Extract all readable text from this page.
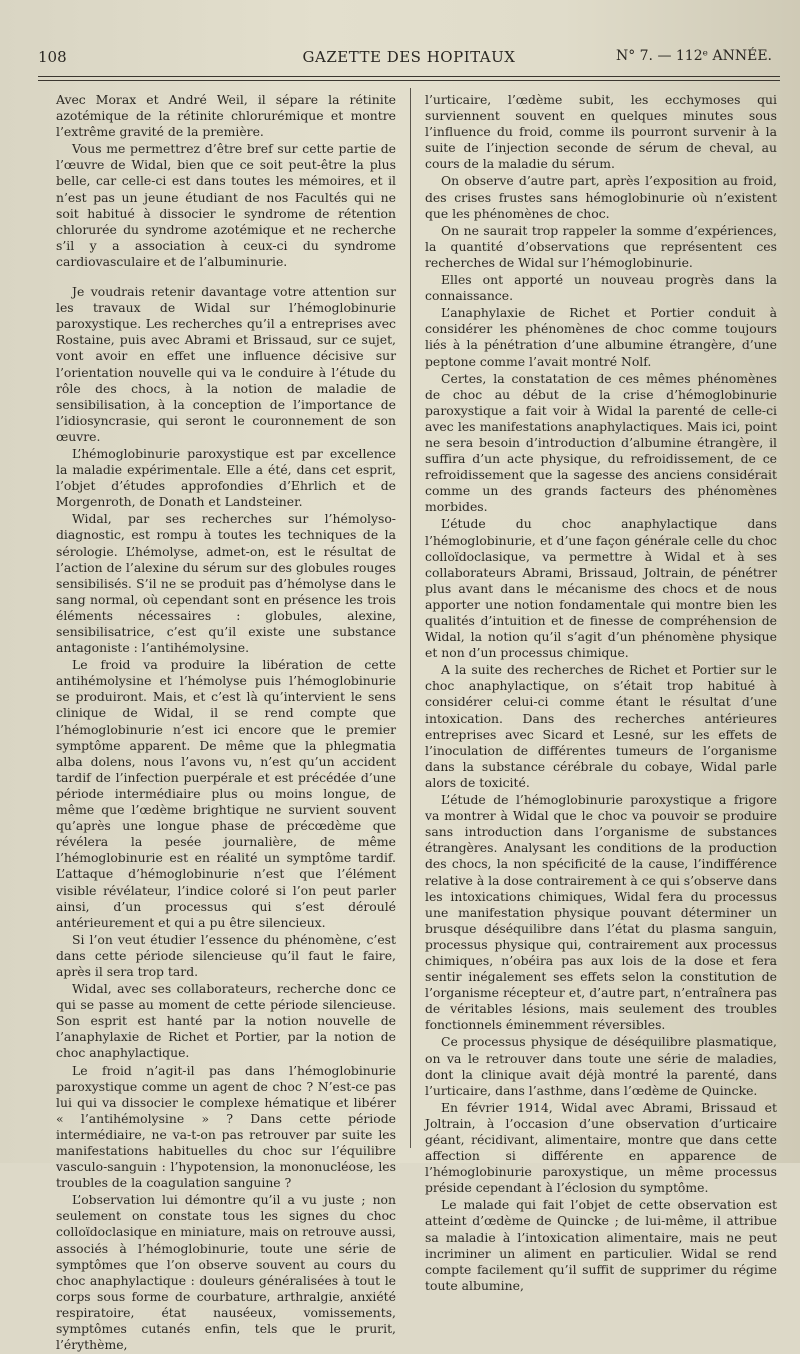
108	GAZETTE DES HOPITAUX	N° 7. — 112ᵉ ANNÉE.

Avec Morax et André Weil, il sépare la rétinite azotémique de la rétinite chlorurémique et montre l’extrême gravité de la première.

Vous me permettrez d’être bref sur cette partie de l’œuvre de Widal, bien que ce soit peut-être la plus belle, car celle-ci est dans toutes les mémoires, et il n’est pas un jeune étudiant de nos Facultés qui ne soit habitué à dissocier le syndrome de rétention chlorurée du syndrome azotémique et ne recherche s’il y a association à ceux-ci du syndrome cardiovasculaire et de l’albuminurie.

Je voudrais retenir davantage votre attention sur les travaux de Widal sur l’hémoglobinurie paroxystique. Les recherches qu’il a entreprises avec Rostaine, puis avec Abrami et Brissaud, sur ce sujet, vont avoir en effet une influence décisive sur l’orientation nouvelle qui va le conduire à l’étude du rôle des chocs, à la notion de maladie de sensibilisation, à la conception de l’importance de l’idiosyncrasie, qui seront le couronnement de son œuvre.

L’hémoglobinurie paroxystique est par excellence la maladie expérimentale. Elle a été, dans cet esprit, l’objet d’études approfondies d’Ehrlich et de Morgenroth, de Donath et Landsteiner.

Widal, par ses recherches sur l’hémolyso-diagnostic, est rompu à toutes les techniques de la sérologie. L’hémolyse, admet-on, est le résultat de l’action de l’alexine du sérum sur des globules rouges sensibilisés. S’il ne se produit pas d’hémolyse dans le sang normal, où cependant sont en présence les trois éléments nécessaires : globules, alexine, sensibilisatrice, c’est qu’il existe une substance antagoniste : l’antihémolysine.

Le froid va produire la libération de cette antihémolysine et l’hémolyse puis l’hémoglobinurie se produiront. Mais, et c’est là qu’intervient le sens clinique de Widal, il se rend compte que l’hémoglobinurie n’est ici encore que le premier symptôme apparent. De même que la phlegmatia alba dolens, nous l’avons vu, n’est qu’un accident tardif de l’infection puerpérale et est précédée d’une période intermédiaire plus ou moins longue, de même que l’œdème brightique ne survient souvent qu’après une longue phase de précœdème que révélera la pesée journalière, de même l’hémoglobinurie est en réalité un symptôme tardif. L’attaque d’hémoglobinurie n’est que l’élément visible révélateur, l’indice coloré si l’on peut parler ainsi, d’un processus qui s’est déroulé antérieurement et qui a pu être silencieux.

Si l’on veut étudier l’essence du phénomène, c’est dans cette période silencieuse qu’il faut le faire, après il sera trop tard.

Widal, avec ses collaborateurs, recherche donc ce qui se passe au moment de cette période silencieuse. Son esprit est hanté par la notion nouvelle de l’anaphylaxie de Richet et Portier, par la notion de choc anaphylactique.

Le froid n’agit-il pas dans l’hémoglobinurie paroxystique comme un agent de choc ? N’est-ce pas lui qui va dissocier le complexe hématique et libérer « l’antihémolysine » ? Dans cette période intermédiaire, ne va-t-on pas retrouver par suite les manifestations habituelles du choc sur l’équilibre vasculo-sanguin : l’hypotension, la mononucléose, les troubles de la coagulation sanguine ?

L’observation lui démontre qu’il a vu juste ; non seulement on constate tous les signes du choc colloïdoclasique en miniature, mais on retrouve aussi, associés à l’hémoglobinurie, toute une série de symptômes que l’on observe souvent au cours du choc anaphylactique : douleurs généralisées à tout le corps sous forme de courbature, arthralgie, anxiété respiratoire, état nauséeux, vomissements, symptômes cutanés enfin, tels que le prurit, l’érythème,

l’urticaire, l’œdème subit, les ecchymoses qui surviennent souvent en quelques minutes sous l’influence du froid, comme ils pourront survenir à la suite de l’injection seconde de sérum de cheval, au cours de la maladie du sérum.

On observe d’autre part, après l’exposition au froid, des crises frustes sans hémoglobinurie où n’existent que les phénomènes de choc.

On ne saurait trop rappeler la somme d’expériences, la quantité d’observations que représentent ces recherches de Widal sur l’hémoglobinurie.

Elles ont apporté un nouveau progrès dans la connaissance.

L’anaphylaxie de Richet et Portier conduit à considérer les phénomènes de choc comme toujours liés à la pénétration d’une albumine étrangère, d’une peptone comme l’avait montré Nolf.

Certes, la constatation de ces mêmes phénomènes de choc au début de la crise d’hémoglobinurie paroxystique a fait voir à Widal la parenté de celle-ci avec les manifestations anaphylactiques. Mais ici, point ne sera besoin d’introduction d’albumine étrangère, il suffira d’un acte physique, du refroidissement, de ce refroidissement que la sagesse des anciens considérait comme un des grands facteurs des phénomènes morbides.

L’étude du choc anaphylactique dans l’hémoglobinurie, et d’une façon générale celle du choc colloïdoclasique, va permettre à Widal et à ses collaborateurs Abrami, Brissaud, Joltrain, de pénétrer plus avant dans le mécanisme des chocs et de nous apporter une notion fondamentale qui montre bien les qualités d’intuition et de finesse de compréhension de Widal, la notion qu’il s’agit d’un phénomène physique et non d’un processus chimique.

A la suite des recherches de Richet et Portier sur le choc anaphylactique, on s’était trop habitué à considérer celui-ci comme étant le résultat d’une intoxication. Dans des recherches antérieures entreprises avec Sicard et Lesné, sur les effets de l’inoculation de différentes tumeurs de l’organisme dans la substance cérébrale du cobaye, Widal parle alors de toxicité.

L’étude de l’hémoglobinurie paroxystique a frigore va montrer à Widal que le choc va pouvoir se produire sans introduction dans l’organisme de substances étrangères. Analysant les conditions de la production des chocs, la non spécificité de la cause, l’indifférence relative à la dose contrairement à ce qui s’observe dans les intoxications chimiques, Widal fera du processus une manifestation physique pouvant déterminer un brusque déséquilibre dans l’état du plasma sanguin, processus physique qui, contrairement aux processus chimiques, n’obéira pas aux lois de la dose et fera sentir inégalement ses effets selon la constitution de l’organisme récepteur et, d’autre part, n’entraînera pas de véritables lésions, mais seulement des troubles fonctionnels éminemment réversibles.

Ce processus physique de déséquilibre plasmatique, on va le retrouver dans toute une série de maladies, dont la clinique avait déjà montré la parenté, dans l’urticaire, dans l’asthme, dans l’œdème de Quincke.

En février 1914, Widal avec Abrami, Brissaud et Joltrain, à l’occasion d’une observation d’urticaire géant, récidivant, alimentaire, montre que dans cette affection si différente en apparence de l’hémoglobinurie paroxystique, un même processus préside cependant à l’éclosion du symptôme.

Le malade qui fait l’objet de cette observation est atteint d’œdème de Quincke ; de lui-même, il attribue sa maladie à l’intoxication alimentaire, mais ne peut incriminer un aliment en particulier. Widal se rend compte facilement qu’il suffit de supprimer du régime toute albumine,
